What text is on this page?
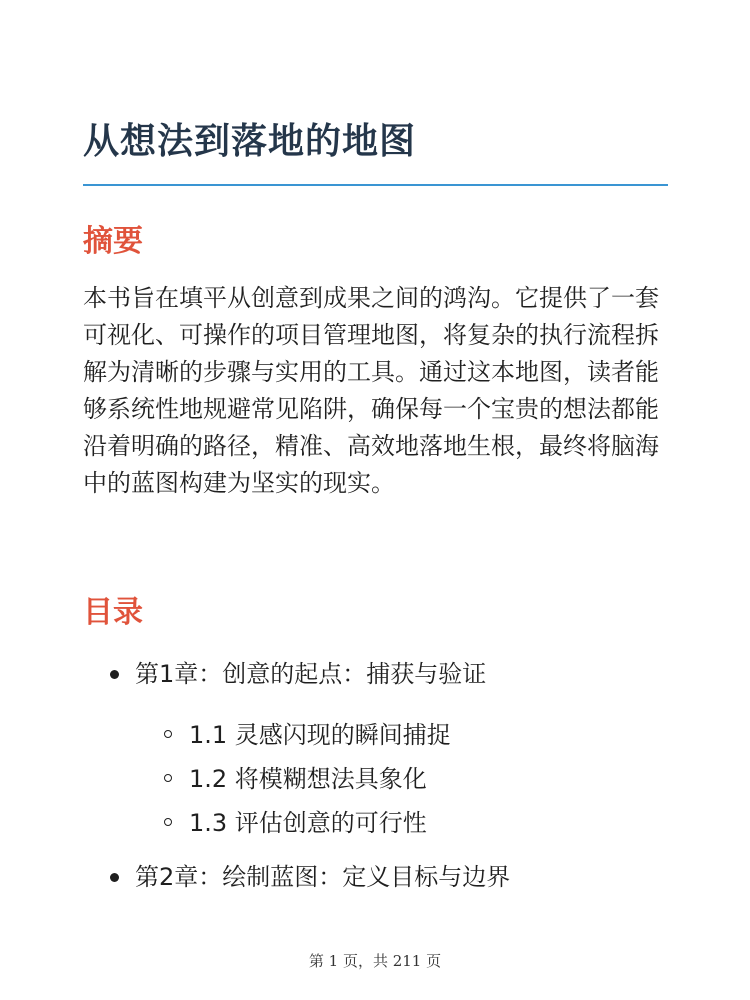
从想法到落地的地图
摘要

本书旨在填平从创意到成果之间的鸿沟。它提供了一套可视化、可操作的项目管理地图，将复杂的执行流程拆解为清晰的步骤与实用的工具。通过这本地图，读者能够系统性地规避常见陷阱，确保每一个宝贵的想法都能沿着明确的路径，精准、高效地落地生根，最终将脑海中的蓝图构建为坚实的现实。

目录
第1章：创意的起点：捕获与验证
1.1 灵感闪现的瞬间捕捉
1.2 将模糊想法具象化
1.3 评估创意的可行性
第2章：绘制蓝图：定义目标与边界
第 1 页，共 211 页
